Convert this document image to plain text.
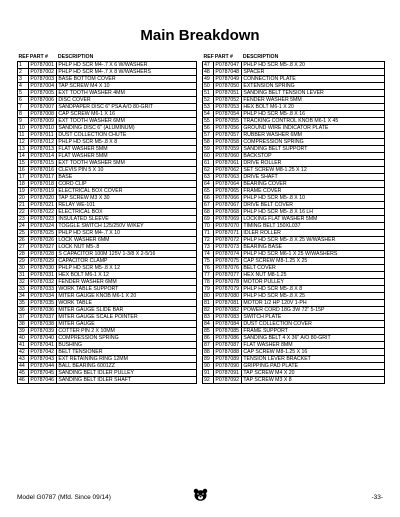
Main Breakdown
REF	PART #	DESCRIPTION
1	P0787001	PHLP HD SCR M4-.7 X 6 W/WASHER
2	P0787002	PHLP HD SCR M4-.7 X 8 W/WASHERS
3	P0787003	BASE BOTTOM COVER
4	P0787004	TAP SCREW M4 X 10
5	P0787005	EXT TOOTH WASHER 4MM
6	P0787006	DISC COVER
7	P0787007	SANDPAPER DISC 6" PSA A/O 80-GRIT
8	P0787008	CAP SCREW M6-1 X 16
9	P0787009	EXT TOOTH WASHER 6MM
10	P0787010	SANDING DISC 6" (ALUMINUM)
11	P0787011	DUST COLLECTION CHUTE
12	P0787012	PHLP HD SCR M5-.8 X 8
13	P0787013	FLAT WASHER 5MM
14	P0787014	FLAT WASHER 5MM
15	P0787015	EXT TOOTH WASHER 5MM
16	P0787016	CLEVIS PIN 5 X 10
17	P0787017	BASE
18	P0787018	CORD CLIP
19	P0787019	ELECTRICAL BOX COVER
20	P0787020	TAP SCREW M3 X 30
21	P0787021	RELAY WE-101
22	P0787022	ELECTRICAL BOX
23	P0787023	INSULATED SLEEVE
24	P0787024	TOGGLE SWITCH 125/250V W/KEY
25	P0787025	PHLP HD SCR M4-.7 X 10
26	P0787026	LOCK WASHER 6MM
27	P0787027	LOCK NUT M5-.8
28	P0787028	S CAPACITOR 100M 125V 1-3/8 X 2-5/16
29	P0787029	CAPACITOR CLAMP
30	P0787030	PHLP HD SCR M5-.8 X 12
31	P0787031	HEX BOLT M6-1 X 12
32	P0787032	FENDER WASHER 6MM
33	P0787033	WORK TABLE SUPPORT
34	P0787034	MITER GAUGE KNOB M6-1 X 20
35	P0787035	WORK TABLE
36	P0787036	MITER GAUGE SLIDE BAR
37	P0787037	MITER GAUGE SCALE POINTER
38	P0787038	MITER GAUGE
39	P0787039	COTTER PIN 2 X 10MM
40	P0787040	COMPRESSION SPRING
41	P0787041	BUSHING
42	P0787042	BELT TENSIONER
43	P0787043	EXT RETAINING RING 12MM
44	P0787044	BALL BEARING 6001ZZ
45	P0787045	SANDING BELT IDLER PULLEY
46	P0787046	SANDING BELT IDLER SHAFT
REF	PART #	DESCRIPTION
47	P0787047	PHLP HD SCR M5-.8 X 20
48	P0787048	SPACER
49	P0787049	CONNECTION PLATE
50	P0787050	EXTENSION SPRING
51	P0787051	SANDING BELT TENSION LEVER
52	P0787052	FENDER WASHER 5MM
53	P0787053	HEX BOLT M6-1 X 20
54	P0787054	PHLP HD SCR M5-.8 X 16
55	P0787055	TRACKING CONTROL KNOB M6-1 X 45
56	P0787056	GROUND WIRE INDICATOR PLATE
57	P0787057	RUBBER WASHER 6MM
58	P0787058	COMPRESSION SPRING
59	P0787059	SANDING BELT SUPPORT
60	P0787060	BACKSTOP
61	P0787061	DRIVE ROLLER
62	P0787062	SET SCREW M8-1.25 X 12
63	P0787063	DRIVE SHAFT
64	P0787064	BEARING COVER
65	P0787065	FRAME COVER
66	P0787066	PHLP HD SCR M5-.8 X 10
67	P0787067	DRIVE BELT COVER
68	P0787068	PHLP HD SCR M5-.8 X 16 LH
69	P0787069	LOCKING FLAT WASHER 5MM
70	P0787070	TIMING BELT 150XL037
71	P0787071	IDLER ROLLER
72	P0787072	PHLP HD SCR M5-.8 X 25 W/WASHER
73	P0787073	BEARING BASE
74	P0787074	PHLP HD SCR M6-1 X 25 W/WASHERS
75	P0787075	CAP SCREW M8-1.25 X 25
76	P0787076	BELT COVER
77	P0787077	HEX NUT M8-1.25
78	P0787078	MOTOR PULLEY
79	P0787079	PHLP HD SCR M5-.8 X 8
80	P0787080	PHLP HD SCR M5-.8 X 25
81	P0787081	MOTOR 1/2 HP 120V 1-PH
82	P0787082	POWER CORD 18G 3W 72" 5-15P
83	P0787083	SWITCH PLATE
84	P0787084	DUST COLLECTION COVER
85	P0787085	FRAME SUPPORT
86	P0787086	SANDING BELT 4 X 36" A/O 80-GRIT
87	P0787087	FLAT WASHER 8MM
88	P0787088	CAP SCREW M8-1.25 X 16
89	P0787089	TENSION LEVER BRACKET
90	P0787090	GRIPPING PAD PLATE
91	P0787091	TAP SCREW M4 X 20
92	P0787092	TAP SCREW M3 X 8
Model G0787 (Mfd. Since 09/14)	-33-
